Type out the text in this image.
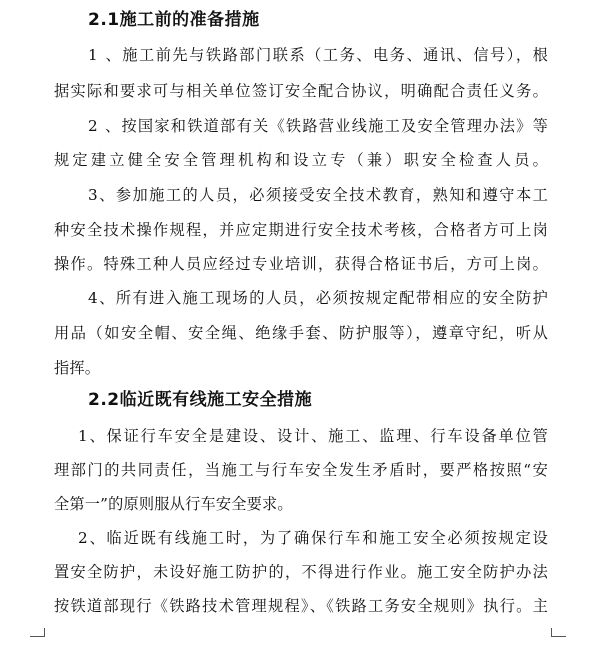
2.1施工前的准备措施
1 、施工前先与铁路部门联系（工务、电务、通讯、信号），根
据实际和要求可与相关单位签订安全配合协议，明确配合责任义务。
2 、按国家和铁道部有关《铁路营业线施工及安全管理办法》等
规定建立健全安全管理机构和设立专（兼）职安全检查人员。
3、参加施工的人员，必须接受安全技术教育，熟知和遵守本工
种安全技术操作规程，并应定期进行安全技术考核，合格者方可上岗
操作。特殊工种人员应经过专业培训，获得合格证书后，方可上岗。
4、所有进入施工现场的人员，必须按规定配带相应的安全防护
用品（如安全帽、安全绳、绝缘手套、防护服等），遵章守纪，听从
指挥。
2.2临近既有线施工安全措施
1、保证行车安全是建设、设计、施工、监理、行车设备单位管
理部门的共同责任，当施工与行车安全发生矛盾时，要严格按照“安
全第一”的原则服从行车安全要求。
2、临近既有线施工时，为了确保行车和施工安全必须按规定设
置安全防护，未设好施工防护的，不得进行作业。施工安全防护办法
按铁道部现行《铁路技术管理规程》、《铁路工务安全规则》执行。主
